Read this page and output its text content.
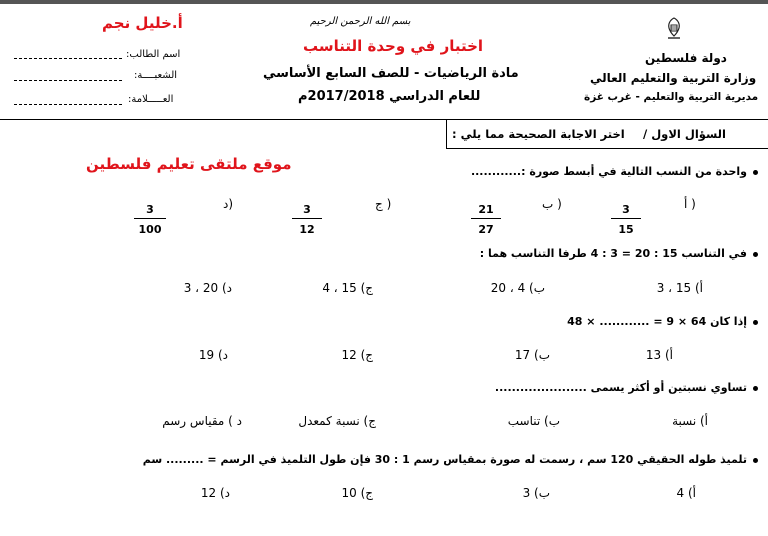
أ.خليل نجم
اسم الطالب:
الشعبــــة:
العـــــلامة:
بسم الله الرحمن الرحيم
اختبار في وحدة التناسب
مادة الرياضيات - للصف السابع الأساسي
للعام الدراسي 2017/2018م
دولة فلسطين
وزارة التربية والتعليم العالي
مديرية التربية والتعليم - غرب غزة
السؤال الاول /
اختر الاجابة الصحيحة مما يلي :
موقع ملتقى تعليم فلسطين	واحدة من النسب التالية في أبسط صورة :............
أ )
$\frac{3}{15}$
ب )
$\frac{21}{27}$
ج )
$\frac{3}{12}$
د)
$\frac{3}{100}$
في التناسب 15 : 20 = 3 : 4 طرفا التناسب هما :
أ) 15 ، 3
ب) 4 ، 20
ج) 15 ، 4
د) 20 ، 3
إذا كان 64 × 9 = ............ × 48
أ) 13
ب) 17
ج) 12
د) 19
تساوي نسبتين أو أكثر يسمى ......................
أ) نسبة
ب) تناسب
ج) نسبة كمعدل
د ) مقياس رسم
تلميذ طوله الحقيقي 120 سم ، رسمت له صورة بمقياس رسم 1 : 30 فإن طول التلميذ في الرسم = ......... سم
أ) 4
ب) 3
ج) 10
د) 12
